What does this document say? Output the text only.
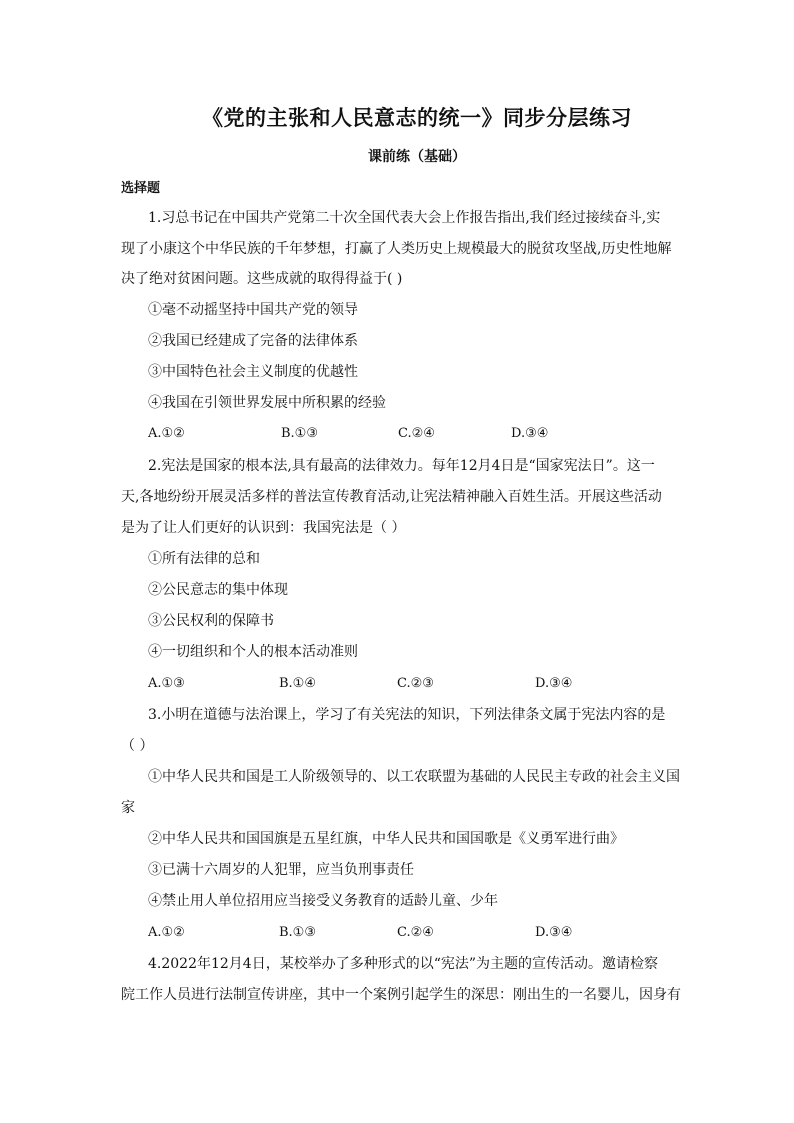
《党的主张和人民意志的统一》同步分层练习
课前练（基础）
选择题
1.习总书记在中国共产党第二十次全国代表大会上作报告指出,我们经过接续奋斗,实
现了小康这个中华民族的千年梦想，打赢了人类历史上规模最大的脱贫攻坚战,历史性地解
决了绝对贫困问题。这些成就的取得得益于( )
①毫不动摇坚持中国共产党的领导
②我国已经建成了完备的法律体系
③中国特色社会主义制度的优越性
④我国在引领世界发展中所积累的经验
A.①②	B.①③	C.②④	D.③④
2.宪法是国家的根本法,具有最高的法律效力。每年12月4日是“国家宪法日”。这一
天,各地纷纷开展灵活多样的普法宣传教育活动,让宪法精神融入百姓生活。开展这些活动
是为了让人们更好的认识到：我国宪法是（ ）
①所有法律的总和
②公民意志的集中体现
③公民权利的保障书
④一切组织和个人的根本活动准则
A.①③	B.①④	C.②③	D.③④
3.小明在道德与法治课上，学习了有关宪法的知识，下列法律条文属于宪法内容的是
（ ）
①中华人民共和国是工人阶级领导的、以工农联盟为基础的人民民主专政的社会主义国
家
②中华人民共和国国旗是五星红旗，中华人民共和国国歌是《义勇军进行曲》
③已满十六周岁的人犯罪，应当负刑事责任
④禁止用人单位招用应当接受义务教育的适龄儿童、少年
A.①②	B.①③	C.②④	D.③④
4.2022年12月4日，某校举办了多种形式的以“宪法”为主题的宣传活动。邀请检察
院工作人员进行法制宣传讲座，其中一个案例引起学生的深思：刚出生的一名婴儿，因身有
